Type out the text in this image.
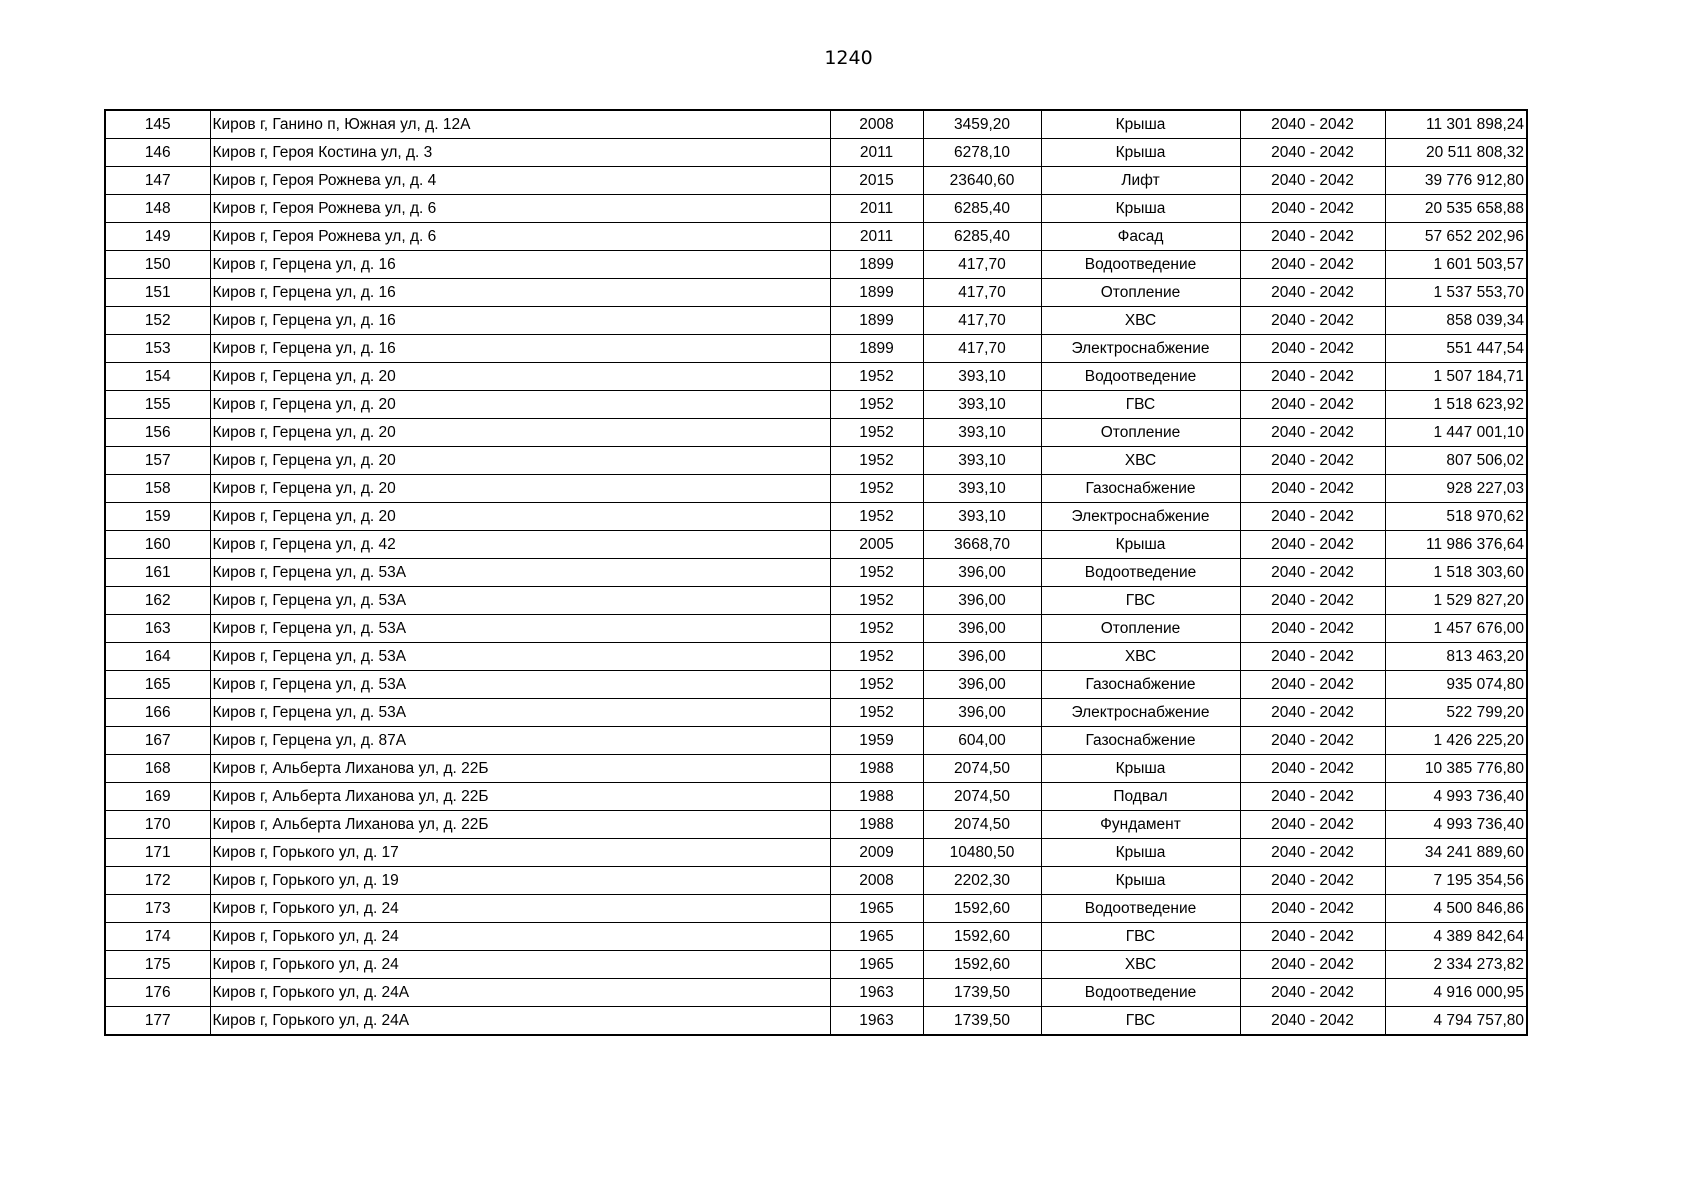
1240
145	Киров г, Ганино п, Южная ул, д. 12А	2008	3459,20	Крыша	2040 - 2042	11 301 898,24
146	Киров г, Героя Костина ул, д. 3	2011	6278,10	Крыша	2040 - 2042	20 511 808,32
147	Киров г, Героя Рожнева ул, д. 4	2015	23640,60	Лифт	2040 - 2042	39 776 912,80
148	Киров г, Героя Рожнева ул, д. 6	2011	6285,40	Крыша	2040 - 2042	20 535 658,88
149	Киров г, Героя Рожнева ул, д. 6	2011	6285,40	Фасад	2040 - 2042	57 652 202,96
150	Киров г, Герцена ул, д. 16	1899	417,70	Водоотведение	2040 - 2042	1 601 503,57
151	Киров г, Герцена ул, д. 16	1899	417,70	Отопление	2040 - 2042	1 537 553,70
152	Киров г, Герцена ул, д. 16	1899	417,70	ХВС	2040 - 2042	858 039,34
153	Киров г, Герцена ул, д. 16	1899	417,70	Электроснабжение	2040 - 2042	551 447,54
154	Киров г, Герцена ул, д. 20	1952	393,10	Водоотведение	2040 - 2042	1 507 184,71
155	Киров г, Герцена ул, д. 20	1952	393,10	ГВС	2040 - 2042	1 518 623,92
156	Киров г, Герцена ул, д. 20	1952	393,10	Отопление	2040 - 2042	1 447 001,10
157	Киров г, Герцена ул, д. 20	1952	393,10	ХВС	2040 - 2042	807 506,02
158	Киров г, Герцена ул, д. 20	1952	393,10	Газоснабжение	2040 - 2042	928 227,03
159	Киров г, Герцена ул, д. 20	1952	393,10	Электроснабжение	2040 - 2042	518 970,62
160	Киров г, Герцена ул, д. 42	2005	3668,70	Крыша	2040 - 2042	11 986 376,64
161	Киров г, Герцена ул, д. 53А	1952	396,00	Водоотведение	2040 - 2042	1 518 303,60
162	Киров г, Герцена ул, д. 53А	1952	396,00	ГВС	2040 - 2042	1 529 827,20
163	Киров г, Герцена ул, д. 53А	1952	396,00	Отопление	2040 - 2042	1 457 676,00
164	Киров г, Герцена ул, д. 53А	1952	396,00	ХВС	2040 - 2042	813 463,20
165	Киров г, Герцена ул, д. 53А	1952	396,00	Газоснабжение	2040 - 2042	935 074,80
166	Киров г, Герцена ул, д. 53А	1952	396,00	Электроснабжение	2040 - 2042	522 799,20
167	Киров г, Герцена ул, д. 87А	1959	604,00	Газоснабжение	2040 - 2042	1 426 225,20
168	Киров г, Альберта Лиханова ул, д. 22Б	1988	2074,50	Крыша	2040 - 2042	10 385 776,80
169	Киров г, Альберта Лиханова ул, д. 22Б	1988	2074,50	Подвал	2040 - 2042	4 993 736,40
170	Киров г, Альберта Лиханова ул, д. 22Б	1988	2074,50	Фундамент	2040 - 2042	4 993 736,40
171	Киров г, Горького ул, д. 17	2009	10480,50	Крыша	2040 - 2042	34 241 889,60
172	Киров г, Горького ул, д. 19	2008	2202,30	Крыша	2040 - 2042	7 195 354,56
173	Киров г, Горького ул, д. 24	1965	1592,60	Водоотведение	2040 - 2042	4 500 846,86
174	Киров г, Горького ул, д. 24	1965	1592,60	ГВС	2040 - 2042	4 389 842,64
175	Киров г, Горького ул, д. 24	1965	1592,60	ХВС	2040 - 2042	2 334 273,82
176	Киров г, Горького ул, д. 24А	1963	1739,50	Водоотведение	2040 - 2042	4 916 000,95
177	Киров г, Горького ул, д. 24А	1963	1739,50	ГВС	2040 - 2042	4 794 757,80
